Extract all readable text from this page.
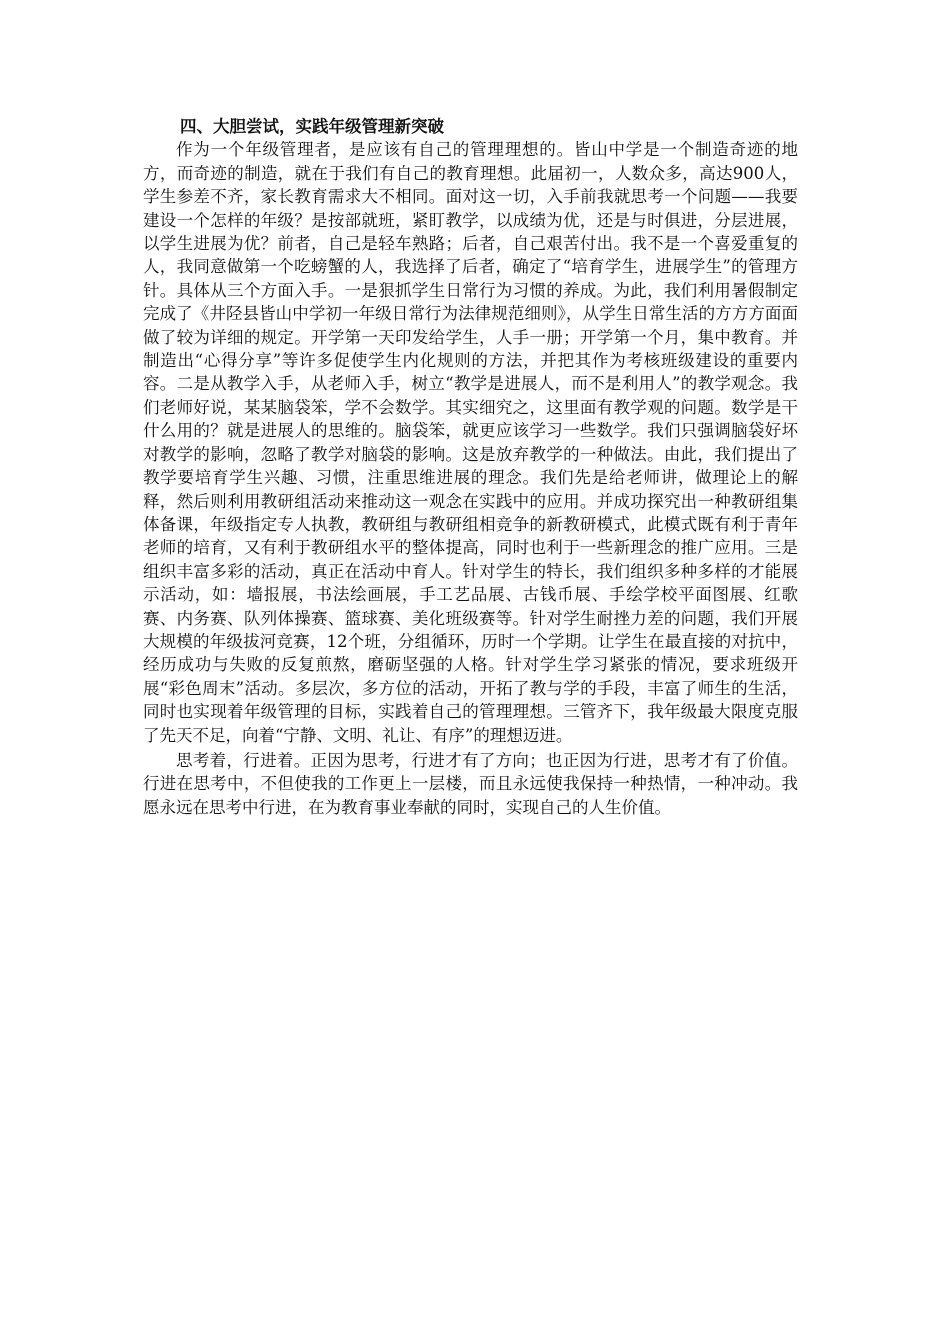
四、大胆尝试，实践年级管理新突破

作为一个年级管理者，是应该有自己的管理理想的。皆山中学是一个制造奇迹的地方，而奇迹的制造，就在于我们有自己的教育理想。此届初一，人数众多，高达900人，学生参差不齐，家长教育需求大不相同。面对这一切，入手前我就思考一个问题——我要建设一个怎样的年级？是按部就班，紧盯教学，以成绩为优，还是与时俱进，分层进展，以学生进展为优？前者，自己是轻车熟路；后者，自己艰苦付出。我不是一个喜爱重复的人，我同意做第一个吃螃蟹的人，我选择了后者，确定了“培育学生，进展学生”的管理方针。具体从三个方面入手。一是狠抓学生日常行为习惯的养成。为此，我们利用暑假制定完成了《井陉县皆山中学初一年级日常行为法律规范细则》，从学生日常生活的方方方面面做了较为详细的规定。开学第一天印发给学生，人手一册；开学第一个月，集中教育。并制造出“心得分享”等许多促使学生内化规则的方法，并把其作为考核班级建设的重要内容。二是从教学入手，从老师入手，树立“教学是进展人，而不是利用人”的教学观念。我们老师好说，某某脑袋笨，学不会数学。其实细究之，这里面有教学观的问题。数学是干什么用的？就是进展人的思维的。脑袋笨，就更应该学习一些数学。我们只强调脑袋好坏对教学的影响，忽略了教学对脑袋的影响。这是放弃教学的一种做法。由此，我们提出了教学要培育学生兴趣、习惯，注重思维进展的理念。我们先是给老师讲，做理论上的解释，然后则利用教研组活动来推动这一观念在实践中的应用。并成功探究出一种教研组集体备课，年级指定专人执教，教研组与教研组相竞争的新教研模式，此模式既有利于青年老师的培育，又有利于教研组水平的整体提高，同时也利于一些新理念的推广应用。三是组织丰富多彩的活动，真正在活动中育人。针对学生的特长，我们组织多种多样的才能展示活动，如：墙报展，书法绘画展，手工艺品展、古钱币展、手绘学校平面图展、红歌赛、内务赛、队列体操赛、篮球赛、美化班级赛等。针对学生耐挫力差的问题，我们开展大规模的年级拔河竞赛，12个班，分组循环，历时一个学期。让学生在最直接的对抗中，经历成功与失败的反复煎熬，磨砺坚强的人格。针对学生学习紧张的情况，要求班级开展“彩色周末”活动。多层次，多方位的活动，开拓了教与学的手段，丰富了师生的生活，同时也实现着年级管理的目标，实践着自己的管理理想。三管齐下，我年级最大限度克服了先天不足，向着“宁静、文明、礼让、有序”的理想迈进。

思考着，行进着。正因为思考，行进才有了方向；也正因为行进，思考才有了价值。行进在思考中，不但使我的工作更上一层楼，而且永远使我保持一种热情，一种冲动。我愿永远在思考中行进，在为教育事业奉献的同时，实现自己的人生价值。
